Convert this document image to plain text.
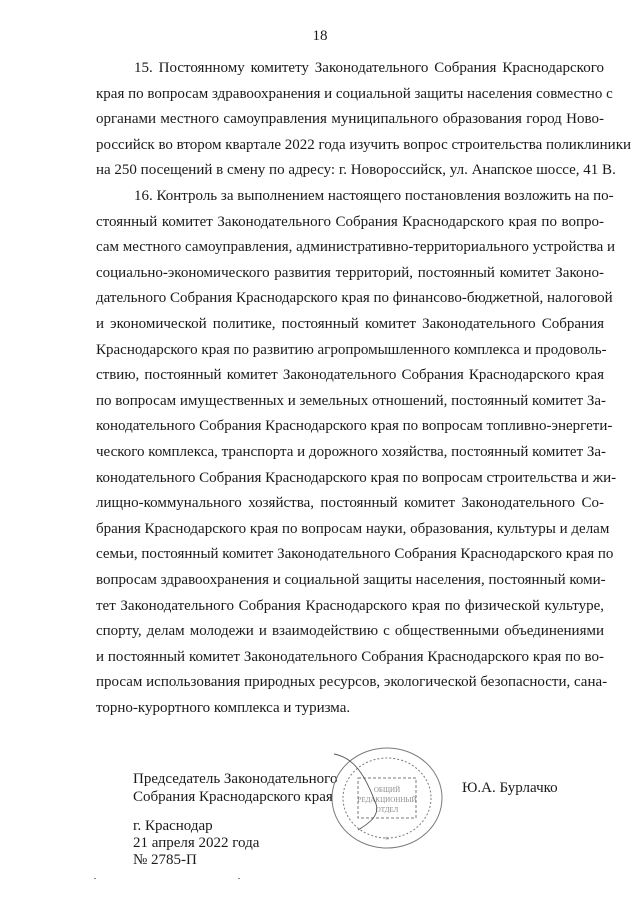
18
15. Постоянному комитету Законодательного Собрания Краснодарского
края по вопросам здравоохранения и социальной защиты населения совместно с
органами местного самоуправления муниципального образования город Ново-
российск во втором квартале 2022 года изучить вопрос строительства поликлиники
на 250 посещений в смену по адресу: г. Новороссийск, ул. Анапское шоссе, 41 В.
16. Контроль за выполнением настоящего постановления возложить на по-
стоянный комитет Законодательного Собрания Краснодарского края по вопро-
сам местного самоуправления, административно-территориального устройства и
социально-экономического развития территорий, постоянный комитет Законо-
дательного Собрания Краснодарского края по финансово-бюджетной, налоговой
и экономической политике, постоянный комитет Законодательного Собрания
Краснодарского края по развитию агропромышленного комплекса и продоволь-
ствию, постоянный комитет Законодательного Собрания Краснодарского края
по вопросам имущественных и земельных отношений, постоянный комитет За-
конодательного Собрания Краснодарского края по вопросам топливно-энергети-
ческого комплекса, транспорта и дорожного хозяйства, постоянный комитет За-
конодательного Собрания Краснодарского края по вопросам строительства и жи-
лищно-коммунального хозяйства, постоянный комитет Законодательного Со-
брания Краснодарского края по вопросам науки, образования, культуры и делам
семьи, постоянный комитет Законодательного Собрания Краснодарского края по
вопросам здравоохранения и социальной защиты населения, постоянный коми-
тет Законодательного Собрания Краснодарского края по физической культуре,
спорту, делам молодежи и взаимодействию с общественными объединениями
и постоянный комитет Законодательного Собрания Краснодарского края по во-
просам использования природных ресурсов, экологической безопасности, сана-
торно-курортного комплекса и туризма.
Председатель Законодательного
Собрания Краснодарского края
Ю.А. Бурлачко
ОБЩИЙ
РЕДАКЦИОННЫЙ
ОТДЕЛ
*
г. Краснодар
21 апреля 2022 года
№ 2785-П
